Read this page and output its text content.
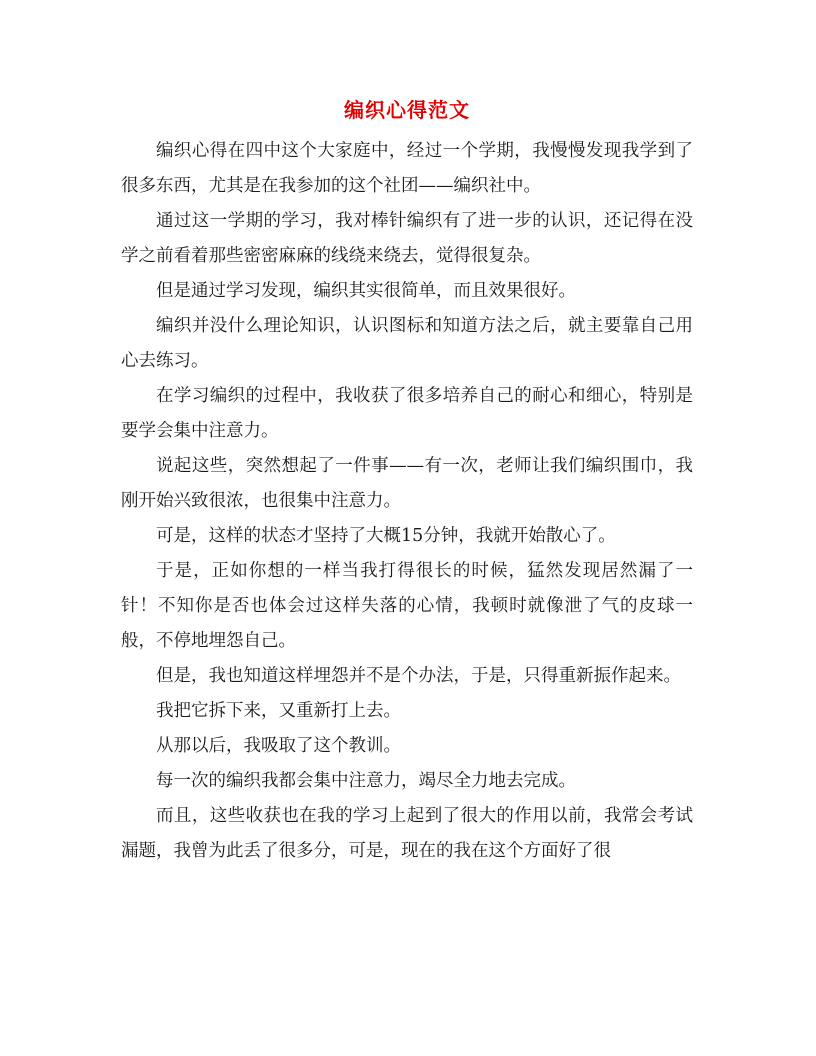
编织心得范文

编织心得在四中这个大家庭中，经过一个学期，我慢慢发现我学到了很多东西，尤其是在我参加的这个社团——编织社中。

通过这一学期的学习，我对棒针编织有了进一步的认识，还记得在没学之前看着那些密密麻麻的线绕来绕去，觉得很复杂。

但是通过学习发现，编织其实很简单，而且效果很好。

编织并没什么理论知识，认识图标和知道方法之后，就主要靠自己用心去练习。

在学习编织的过程中，我收获了很多培养自己的耐心和细心，特别是要学会集中注意力。

说起这些，突然想起了一件事——有一次，老师让我们编织围巾，我刚开始兴致很浓，也很集中注意力。

可是，这样的状态才坚持了大概15分钟，我就开始散心了。

于是，正如你想的一样当我打得很长的时候，猛然发现居然漏了一针！不知你是否也体会过这样失落的心情，我顿时就像泄了气的皮球一般，不停地埋怨自己。

但是，我也知道这样埋怨并不是个办法，于是，只得重新振作起来。

我把它拆下来，又重新打上去。

从那以后，我吸取了这个教训。

每一次的编织我都会集中注意力，竭尽全力地去完成。

而且，这些收获也在我的学习上起到了很大的作用以前，我常会考试漏题，我曾为此丢了很多分，可是，现在的我在这个方面好了很
